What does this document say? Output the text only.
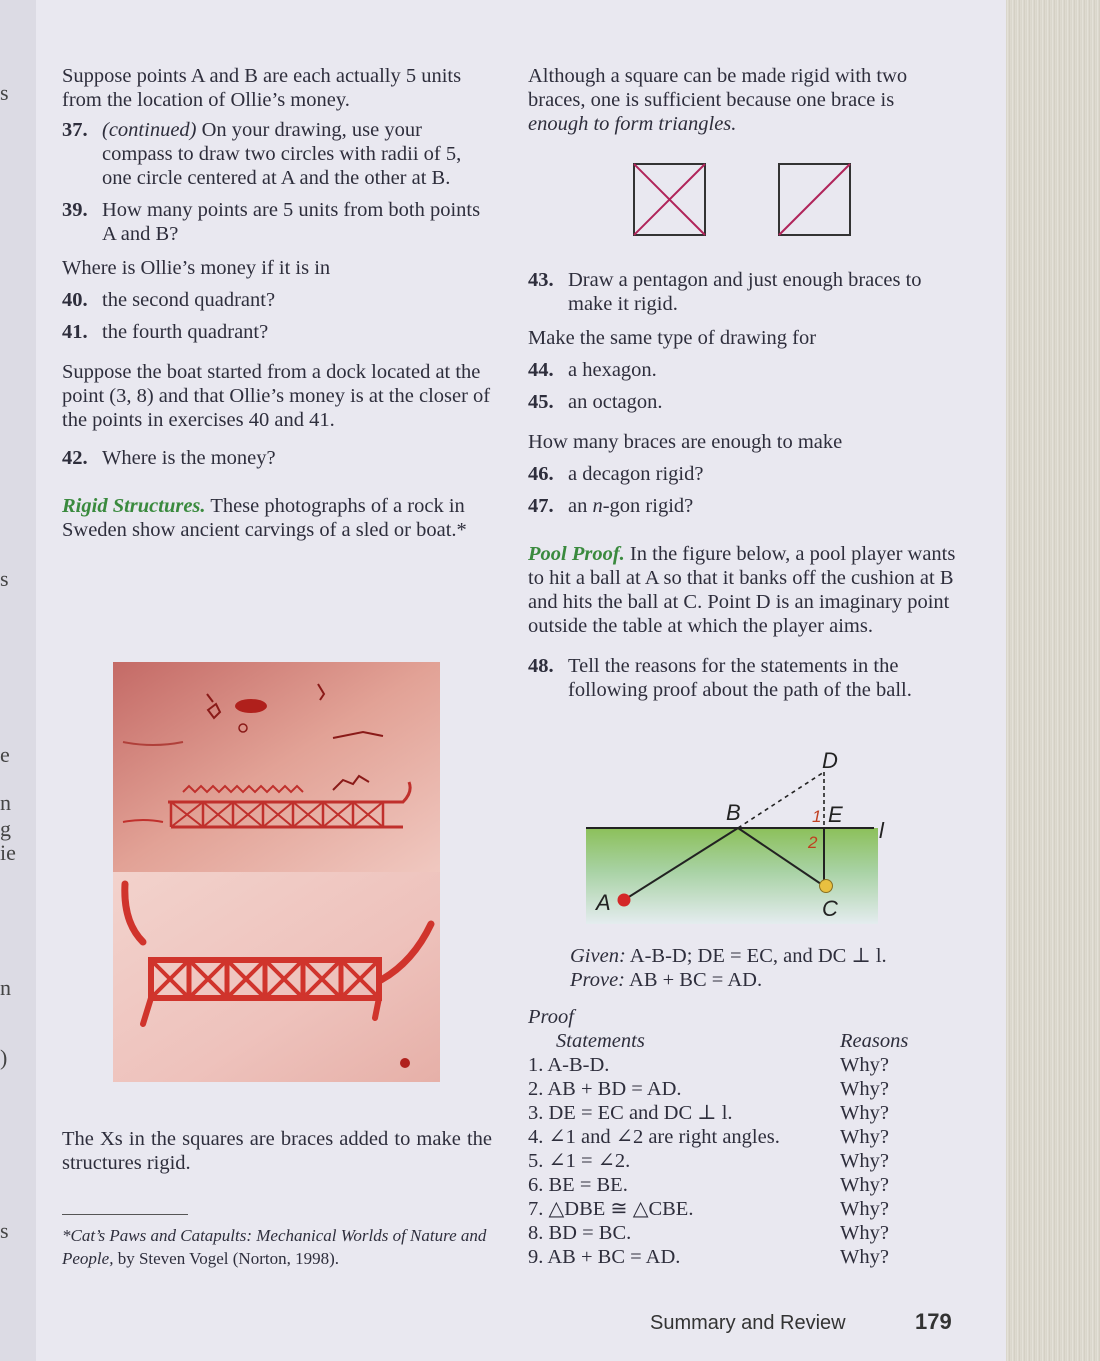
s
s
e
n
g
ie
n
)
s

Suppose points A and B are each actually 5 units from the location of Ollie’s money.

37. (continued) On your drawing, use your compass to draw two circles with radii of 5, one circle centered at A and the other at B.
39. How many points are 5 units from both points A and B?

Where is Ollie’s money if it is in

40. the second quadrant?
41. the fourth quadrant?

Suppose the boat started from a dock located at the point (3, 8) and that Ollie’s money is at the closer of the points in exercises 40 and 41.

42. Where is the money?

Rigid Structures. These photographs of a rock in Sweden show ancient carvings of a sled or boat.*

The Xs in the squares are braces added to make the structures rigid.

*Cat’s Paws and Catapults: Mechanical Worlds of Nature and People, by Steven Vogel (Norton, 1998).

Although a square can be made rigid with two braces, one is sufficient because one brace is enough to form triangles.

43. Draw a pentagon and just enough braces to make it rigid.

Make the same type of drawing for

44. a hexagon.
45. an octagon.

How many braces are enough to make

46. a decagon rigid?
47. an n-gon rigid?

Pool Proof. In the figure below, a pool player wants to hit a ball at A so that it banks off the cushion at B and hits the ball at C. Point D is an imaginary point outside the table at which the player aims.

48. Tell the reasons for the statements in the following proof about the path of the ball.
D
B	E
l
1
2
A	C

Given: A-B-D; DE = EC, and DC ⊥ l.

Prove: AB + BC = AD.

Proof
Statements	Reasons
1. A-B-D.	Why?
2. AB + BD = AD.	Why?
3. DE = EC and DC ⊥ l.	Why?
4. ∠1 and ∠2 are right angles.	Why?
5. ∠1 = ∠2.	Why?
6. BE = BE.	Why?
7. △DBE ≅ △CBE.	Why?
8. BD = BC.	Why?
9. AB + BC = AD.	Why?
Summary and Review	179
